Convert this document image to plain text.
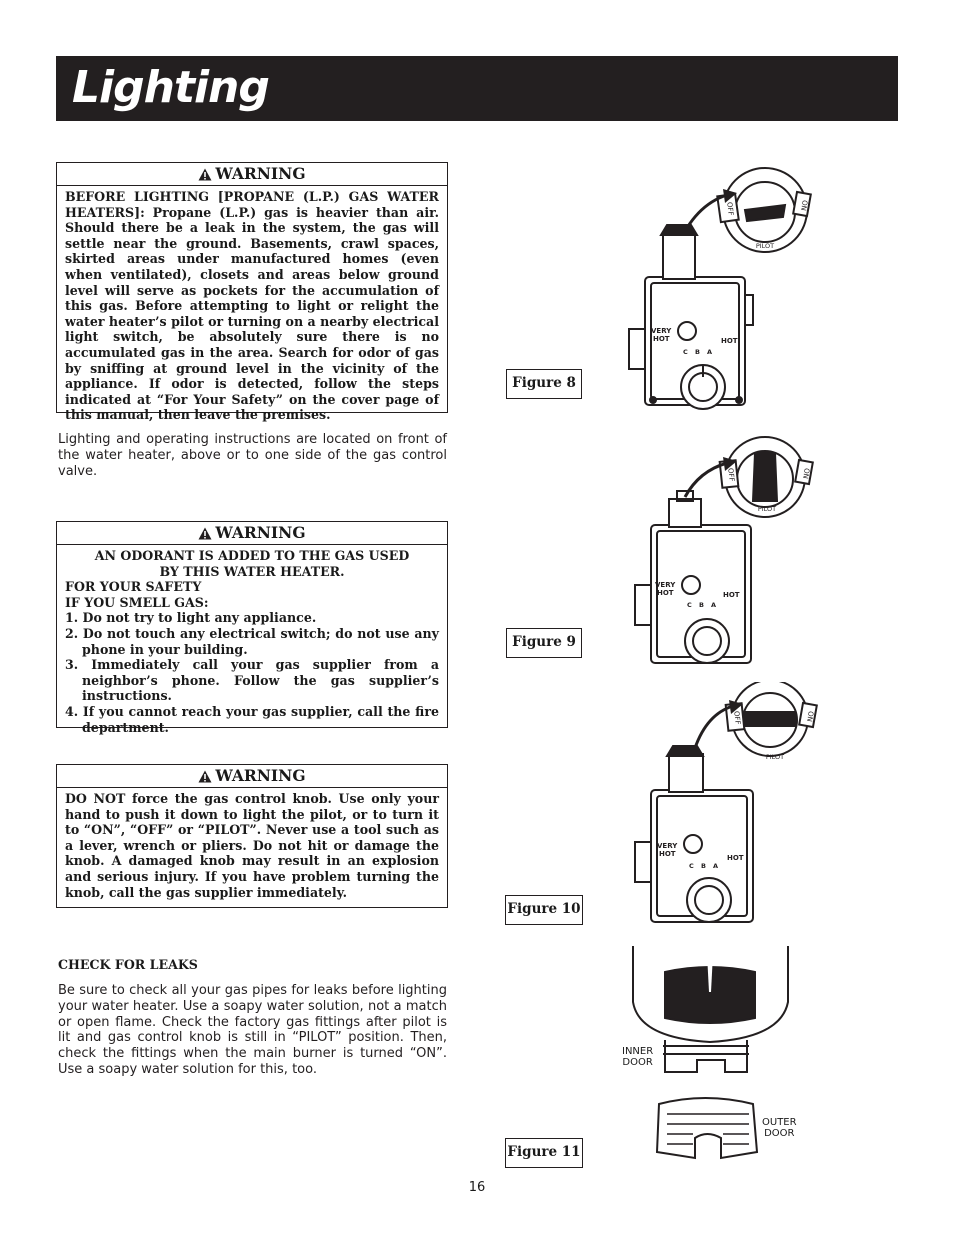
Lighting
WARNING
BEFORE LIGHTING [PROPANE (L.P.) GAS WATER HEATERS]: Propane (L.P.) gas is heavier than air. Should there be a leak in the system, the gas will settle near the ground. Basements, crawl spaces, skirted areas under manufactured homes (even when ventilated), closets and areas below ground level will serve as pockets for the accumulation of this gas. Before attempting to light or relight the water heater’s pilot or turning on a nearby electrical light switch, be absolutely sure there is no accumulated gas in the area. Search for odor of gas by sniffing at ground level in the vicinity of the appliance. If odor is detected, follow the steps indicated at “For Your Safety” on the cover page of this manual, then leave the premises.
Lighting and operating instructions are located on front of the water heater, above or to one side of the gas control valve.
WARNING
AN ODORANT IS ADDED TO THE GAS USED
BY THIS WATER HEATER.
FOR YOUR SAFETY
IF YOU SMELL GAS:
1. Do not try to light any appliance.
2. Do not touch any electrical switch; do not use any phone in your building.
3. Immediately call your gas supplier from a neighbor’s phone. Follow the gas supplier’s instructions.
4. If you cannot reach your gas supplier, call the fire department.
WARNING
DO NOT force the gas control knob. Use only your hand to push it down to light the pilot, or to turn it to “ON”, “OFF” or “PILOT”. Never use a tool such as a lever, wrench or pliers. Do not hit or damage the knob. A damaged knob may result in an explosion and serious injury. If you have problem turning the knob, call the gas supplier immediately.
CHECK FOR LEAKS
Be sure to check all your gas pipes for leaks before lighting your water heater. Use a soapy water solution, not a match or open flame. Check the factory gas fittings after pilot is lit and gas control knob is still in “PILOT” position. Then, check the fittings when the main burner is turned “ON”. Use a soapy water solution for this, too.
Figure 8
Figure 9
Figure 10
Figure 11
OFF	ON
PILOT
VERY
HOT	HOT
C B A
OFF	ON
PILOT
VERY
HOT	HOT
C B A
OFF	ON
PILOT
VERY
HOT	HOT
C B A
INNER
DOOR
OUTER
DOOR
16
